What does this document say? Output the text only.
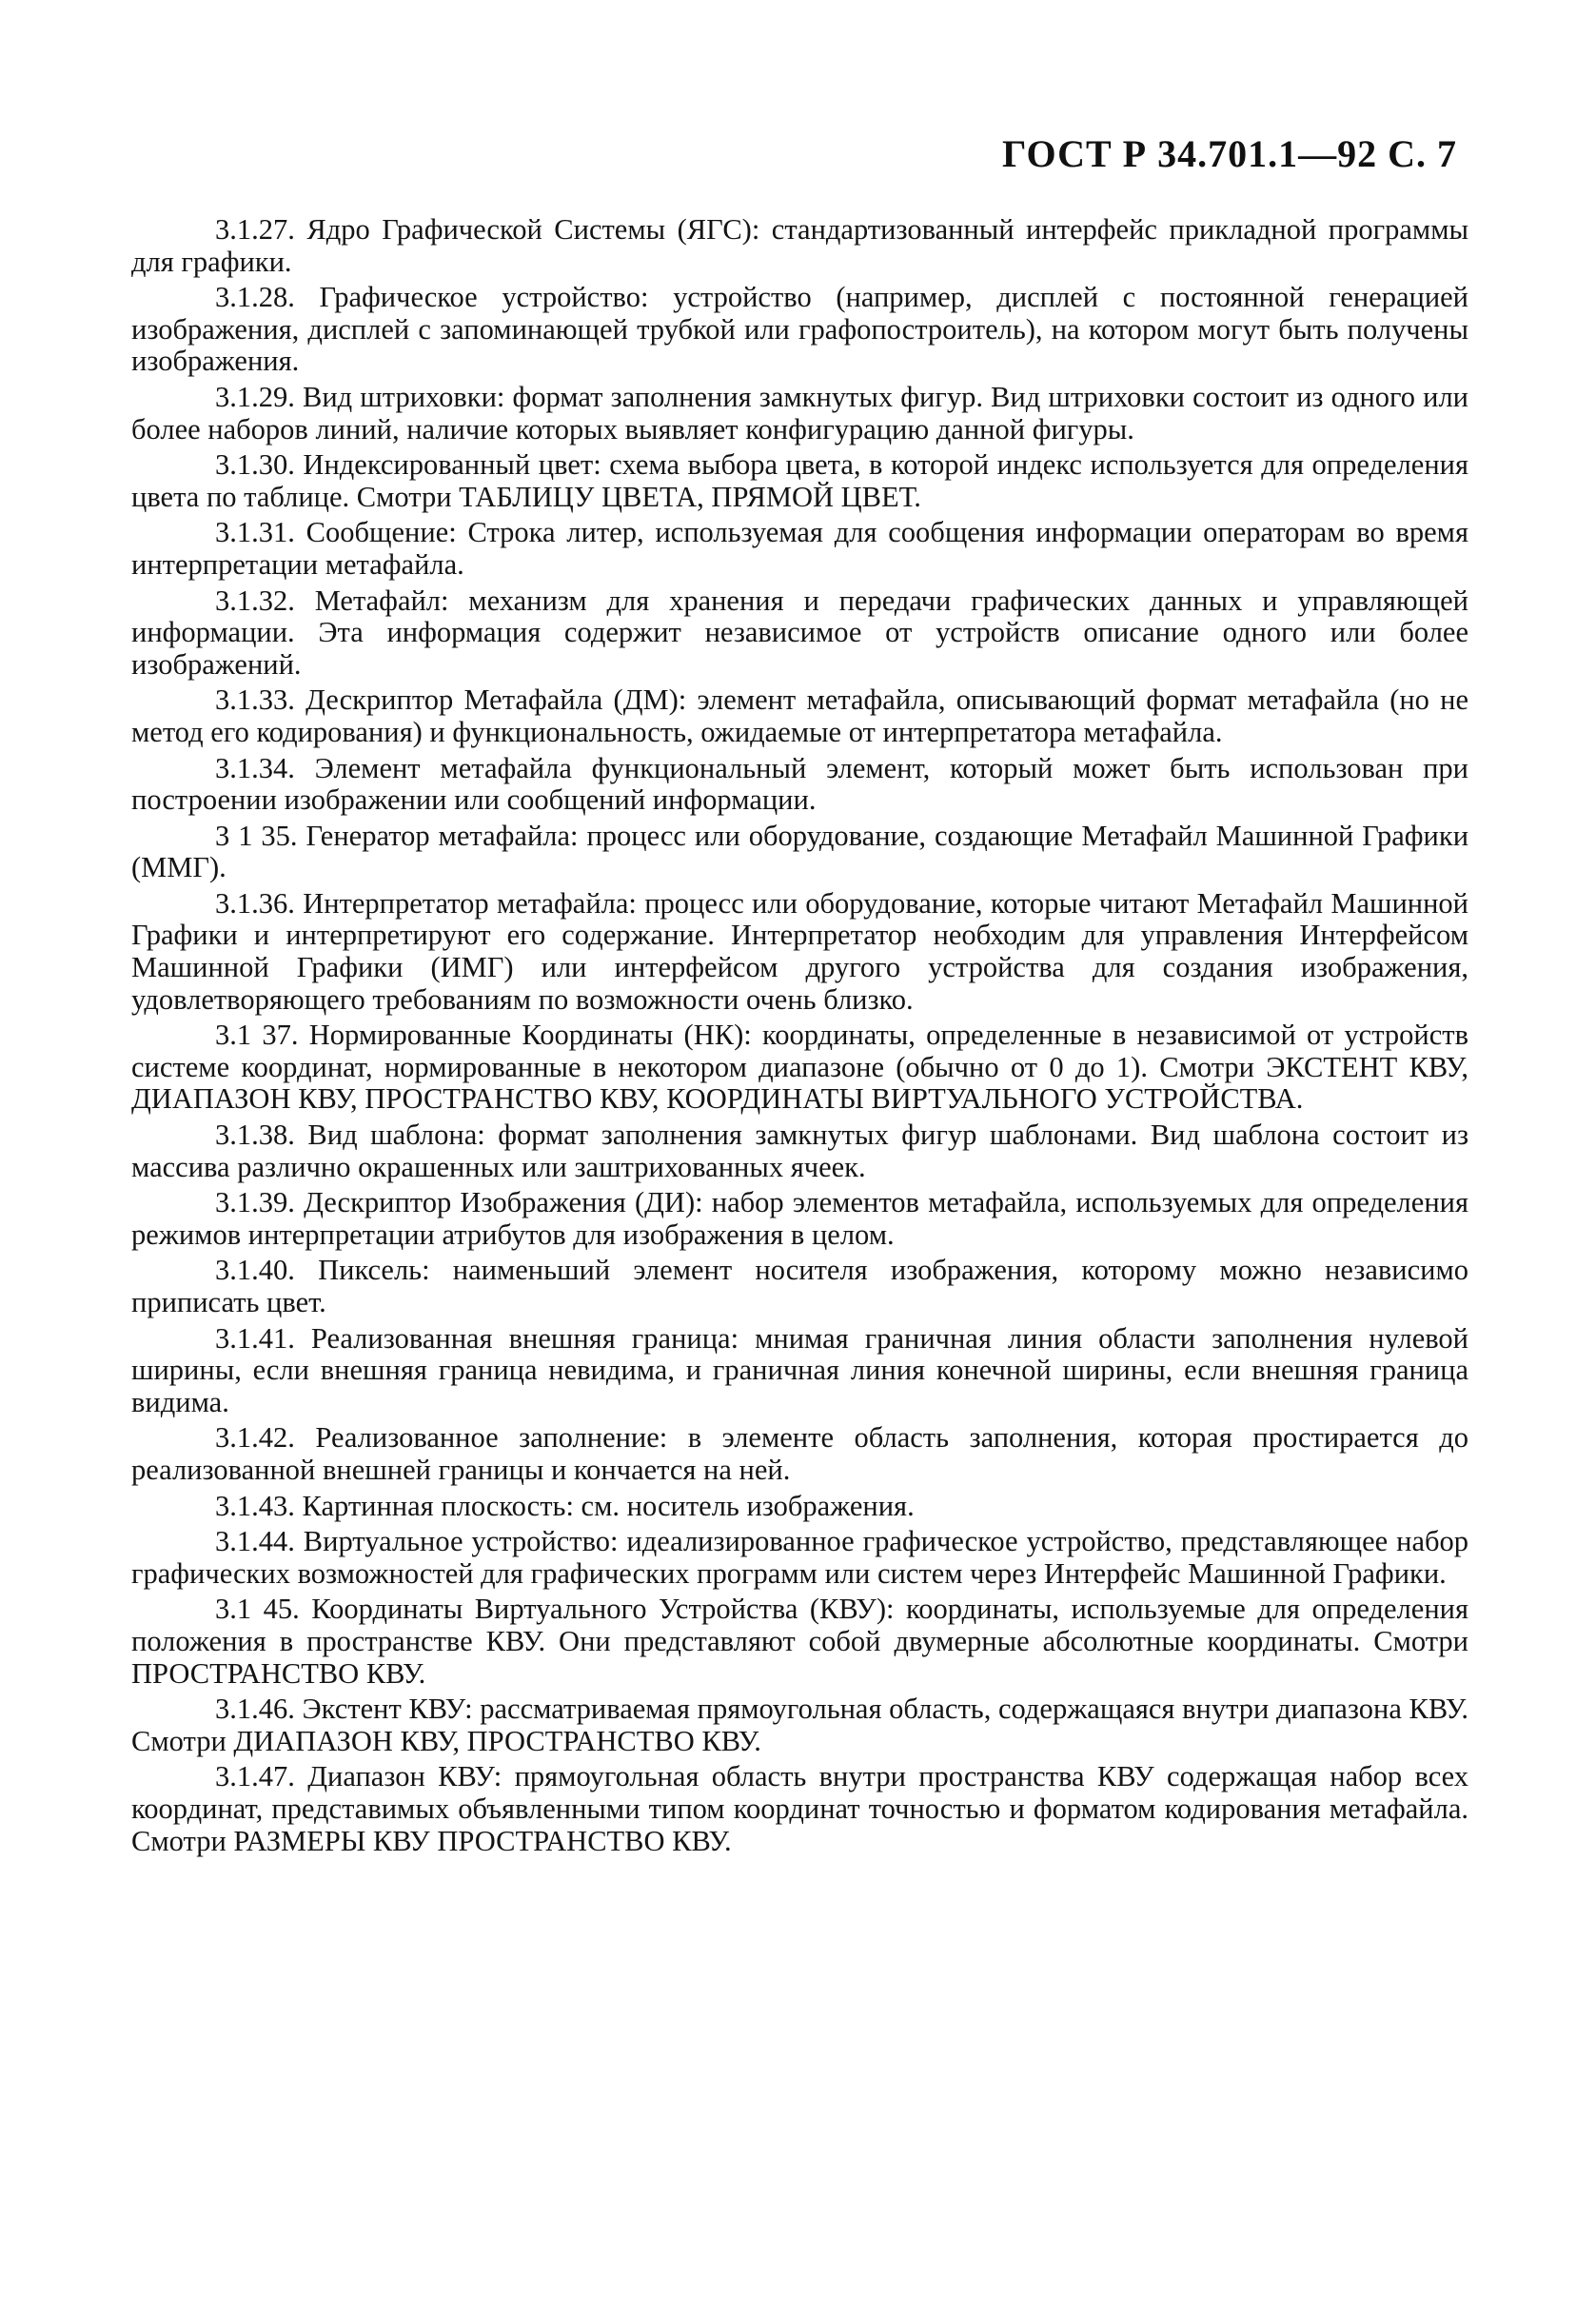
ГОСТ Р 34.701.1—92 С. 7

3.1.27. Ядро Графической Системы (ЯГС): стандартизованный интерфейс прикладной программы для графики.

3.1.28. Графическое устройство: устройство (например, дисплей с постоянной генерацией изображения, дисплей с запоминающей трубкой или графопостроитель), на котором могут быть получены изображения.

3.1.29. Вид штриховки: формат заполнения замкнутых фигур. Вид штриховки состоит из одного или более наборов линий, наличие которых выявляет конфигурацию данной фигуры.

3.1.30. Индексированный цвет: схема выбора цвета, в которой индекс используется для определения цвета по таблице. Смотри ТАБЛИЦУ ЦВЕТА, ПРЯМОЙ ЦВЕТ.

3.1.31. Сообщение: Строка литер, используемая для сообщения информации операторам во время интерпретации метафайла.

3.1.32. Метафайл: механизм для хранения и передачи графических данных и управляющей информации. Эта информация содержит независимое от устройств описание одного или более изображений.

3.1.33. Дескриптор Метафайла (ДМ): элемент метафайла, описывающий формат метафайла (но не метод его кодирования) и функциональность, ожидаемые от интерпретатора метафайла.

3.1.34. Элемент метафайла функциональный элемент, который может быть использован при построении изображении или сообщений информации.

3 1 35. Генератор метафайла: процесс или оборудование, создающие Метафайл Машинной Графики (ММГ).

3.1.36. Интерпретатор метафайла: процесс или оборудование, которые читают Метафайл Машинной Графики и интерпретируют его содержание. Интерпретатор необходим для управления Интерфейсом Машинной Графики (ИМГ) или интерфейсом другого устройства для создания изображения, удовлетворяющего требованиям по возможности очень близко.

3.1 37. Нормированные Координаты (НК): координаты, определенные в независимой от устройств системе координат, нормированные в некотором диапазоне (обычно от 0 до 1). Смотри ЭКСТЕНТ КВУ, ДИАПАЗОН КВУ, ПРОСТРАНСТВО КВУ, КООРДИНАТЫ ВИРТУАЛЬНОГО УСТРОЙСТВА.

3.1.38. Вид шаблона: формат заполнения замкнутых фигур шаблонами. Вид шаблона состоит из массива различно окрашенных или заштрихованных ячеек.

3.1.39. Дескриптор Изображения (ДИ): набор элементов метафайла, используемых для определения режимов интерпретации атрибутов для изображения в целом.

3.1.40. Пиксель: наименьший элемент носителя изображения, которому можно независимо приписать цвет.

3.1.41. Реализованная внешняя граница: мнимая граничная линия области заполнения нулевой ширины, если внешняя граница невидима, и граничная линия конечной ширины, если внешняя граница видима.

3.1.42. Реализованное заполнение: в элементе область заполнения, которая простирается до реализованной внешней границы и кончается на ней.

3.1.43. Картинная плоскость: см. носитель изображения.

3.1.44. Виртуальное устройство: идеализированное графическое устройство, представляющее набор графических возможностей для графических программ или систем через Интерфейс Машинной Графики.

3.1 45. Координаты Виртуального Устройства (КВУ): координаты, используемые для определения положения в пространстве КВУ. Они представляют собой двумерные абсолютные координаты. Смотри ПРОСТРАНСТВО КВУ.

3.1.46. Экстент КВУ: рассматриваемая прямоугольная область, содержащаяся внутри диапазона КВУ. Смотри ДИАПАЗОН КВУ, ПРОСТРАНСТВО КВУ.

3.1.47. Диапазон КВУ: прямоугольная область внутри пространства КВУ содержащая набор всех координат, представимых объявленными типом координат точностью и форматом кодирования метафайла. Смотри РАЗМЕРЫ КВУ ПРОСТРАНСТВО КВУ.
